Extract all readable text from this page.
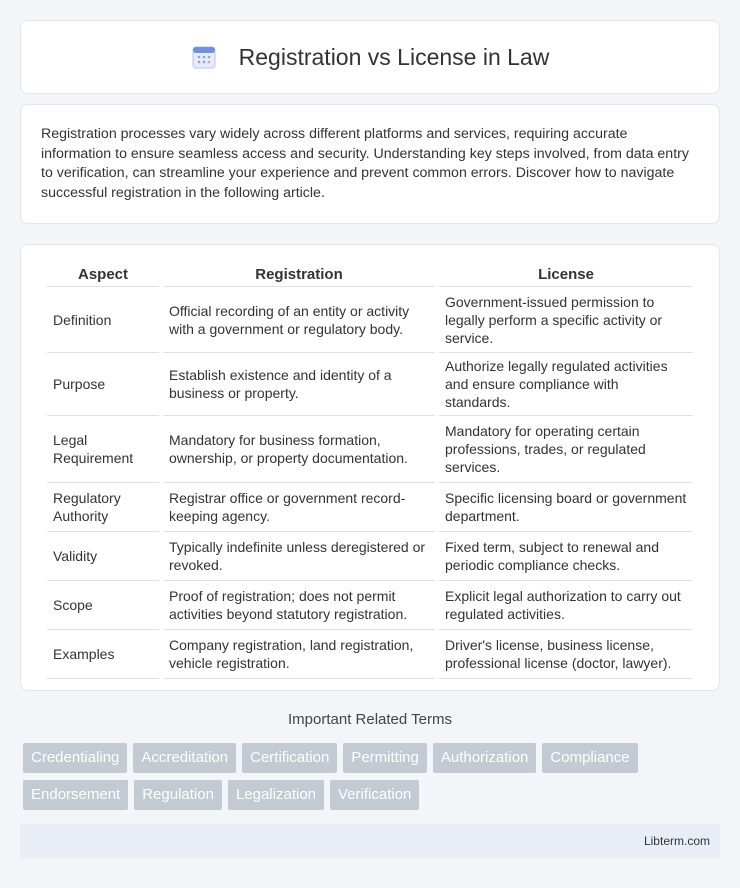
Registration vs License in Law

Registration processes vary widely across different platforms and services, requiring accurate information to ensure seamless access and security. Understanding key steps involved, from data entry to verification, can streamline your experience and prevent common errors. Discover how to navigate successful registration in the following article.

Aspect	Registration	License
Definition	Official recording of an entity or activity with a government or regulatory body.	Government-issued permission to legally perform a specific activity or service.
Purpose	Establish existence and identity of a business or property.	Authorize legally regulated activities and ensure compliance with standards.
Legal Requirement	Mandatory for business formation, ownership, or property documentation.	Mandatory for operating certain professions, trades, or regulated services.
Regulatory Authority	Registrar office or government record-keeping agency.	Specific licensing board or government department.
Validity	Typically indefinite unless deregistered or revoked.	Fixed term, subject to renewal and periodic compliance checks.
Scope	Proof of registration; does not permit activities beyond statutory registration.	Explicit legal authorization to carry out regulated activities.
Examples	Company registration, land registration, vehicle registration.	Driver's license, business license, professional license (doctor, lawyer).
Important Related Terms
Credentialing	Accreditation	Certification	Permitting	Authorization	Compliance
Endorsement	Regulation	Legalization	Verification
Libterm.com
